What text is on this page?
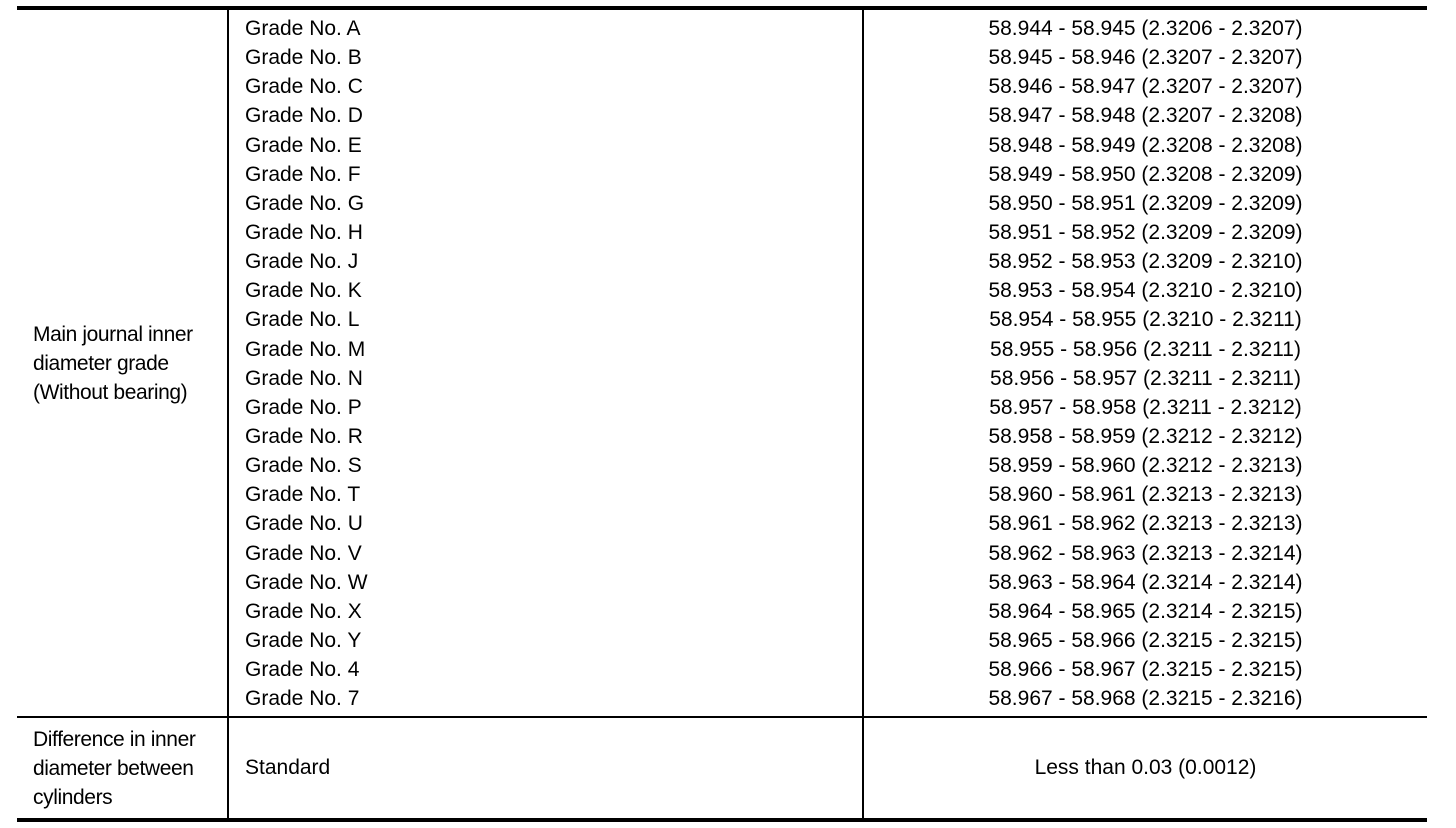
Main journal inner
diameter grade
(Without bearing)
Grade No. A
Grade No. B
Grade No. C
Grade No. D
Grade No. E
Grade No. F
Grade No. G
Grade No. H
Grade No. J
Grade No. K
Grade No. L
Grade No. M
Grade No. N
Grade No. P
Grade No. R
Grade No. S
Grade No. T
Grade No. U
Grade No. V
Grade No. W
Grade No. X
Grade No. Y
Grade No. 4
Grade No. 7
58.944 - 58.945 (2.3206 - 2.3207)
58.945 - 58.946 (2.3207 - 2.3207)
58.946 - 58.947 (2.3207 - 2.3207)
58.947 - 58.948 (2.3207 - 2.3208)
58.948 - 58.949 (2.3208 - 2.3208)
58.949 - 58.950 (2.3208 - 2.3209)
58.950 - 58.951 (2.3209 - 2.3209)
58.951 - 58.952 (2.3209 - 2.3209)
58.952 - 58.953 (2.3209 - 2.3210)
58.953 - 58.954 (2.3210 - 2.3210)
58.954 - 58.955 (2.3210 - 2.3211)
58.955 - 58.956 (2.3211 - 2.3211)
58.956 - 58.957 (2.3211 - 2.3211)
58.957 - 58.958 (2.3211 - 2.3212)
58.958 - 58.959 (2.3212 - 2.3212)
58.959 - 58.960 (2.3212 - 2.3213)
58.960 - 58.961 (2.3213 - 2.3213)
58.961 - 58.962 (2.3213 - 2.3213)
58.962 - 58.963 (2.3213 - 2.3214)
58.963 - 58.964 (2.3214 - 2.3214)
58.964 - 58.965 (2.3214 - 2.3215)
58.965 - 58.966 (2.3215 - 2.3215)
58.966 - 58.967 (2.3215 - 2.3215)
58.967 - 58.968 (2.3215 - 2.3216)
Difference in inner
diameter between
cylinders
Standard	Less than 0.03 (0.0012)
